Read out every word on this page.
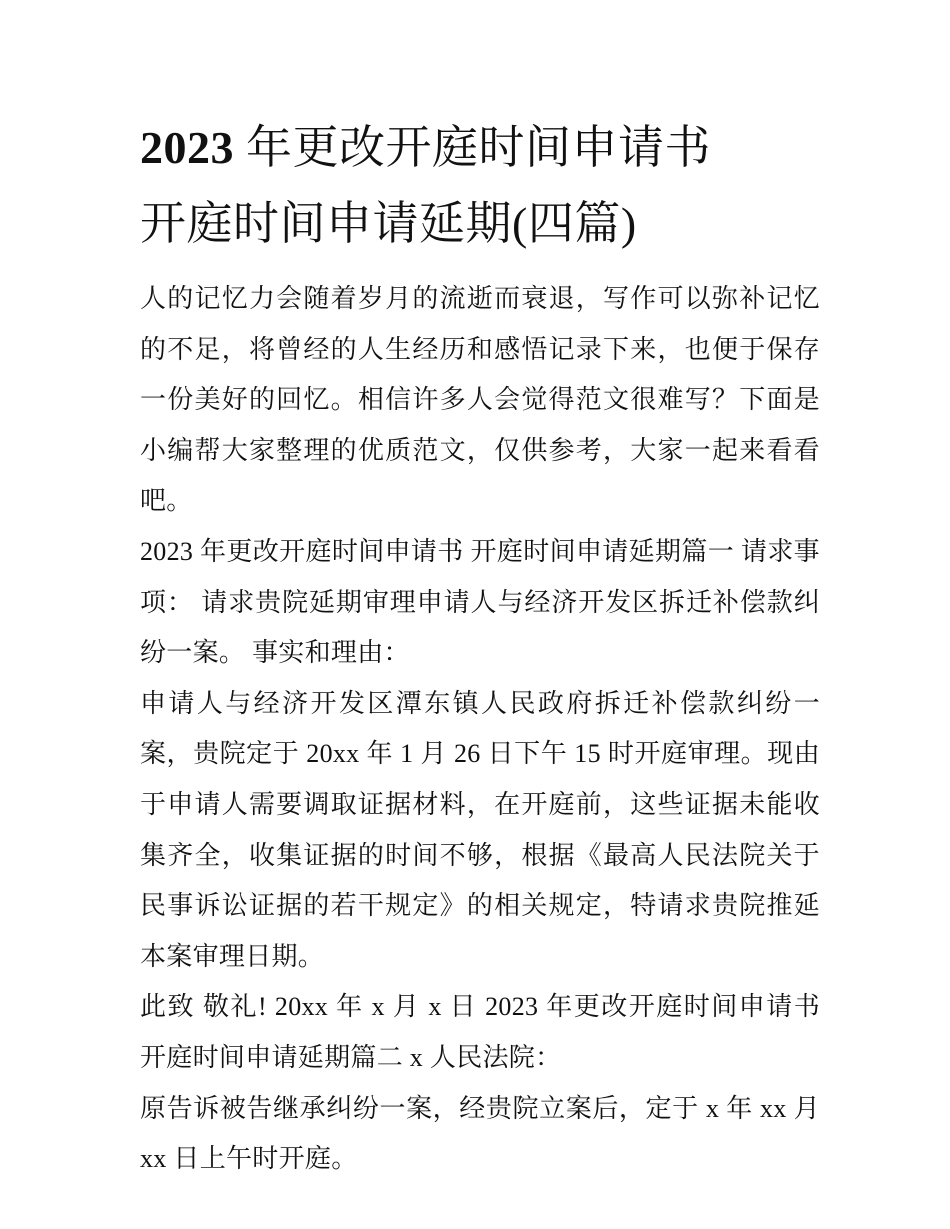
2023 年更改开庭时间申请书
开庭时间申请延期(四篇)

人的记忆力会随着岁月的流逝而衰退，写作可以弥补记忆的不足，将曾经的人生经历和感悟记录下来，也便于保存一份美好的回忆。相信许多人会觉得范文很难写？下面是小编帮大家整理的优质范文，仅供参考，大家一起来看看吧。

2023 年更改开庭时间申请书 开庭时间申请延期篇一 请求事项： 请求贵院延期审理申请人与经济开发区拆迁补偿款纠纷一案。 事实和理由：

申请人与经济开发区潭东镇人民政府拆迁补偿款纠纷一案，贵院定于 20xx 年 1 月 26 日下午 15 时开庭审理。现由于申请人需要调取证据材料，在开庭前，这些证据未能收集齐全，收集证据的时间不够，根据《最高人民法院关于民事诉讼证据的若干规定》的相关规定，特请求贵院推延本案审理日期。

此致 敬礼! 20xx 年 x 月 x 日 2023 年更改开庭时间申请书 开庭时间申请延期篇二 x 人民法院：

原告诉被告继承纠纷一案，经贵院立案后，定于 x 年 xx 月 xx 日上午时开庭。
